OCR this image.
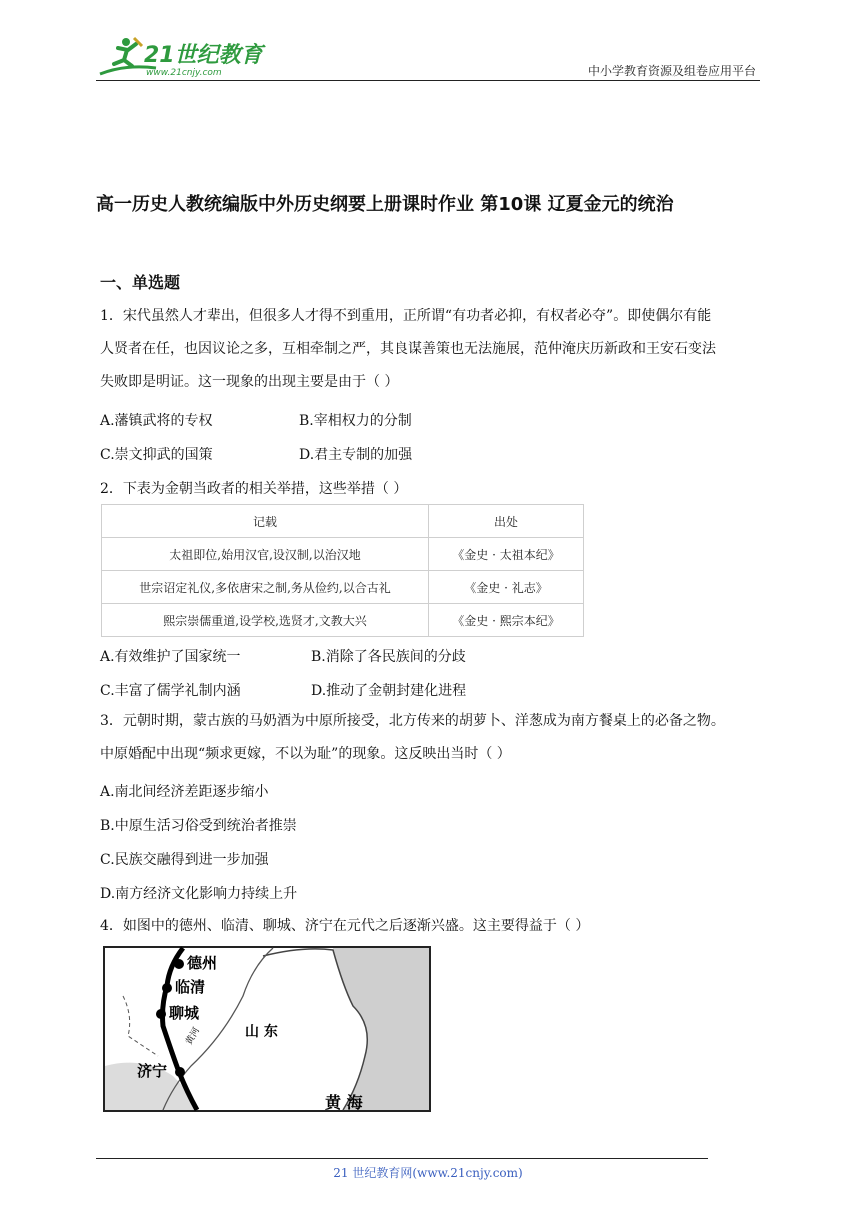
21世纪教育
www.21cnjy.com	中小学教育资源及组卷应用平台
高一历史人教统编版中外历史纲要上册课时作业 第10课 辽夏金元的统治
一、单选题
1．宋代虽然人才辈出，但很多人才得不到重用，正所谓“有功者必抑，有权者必夺”。即使偶尔有能
人贤者在任，也因议论之多，互相牵制之严，其良谋善策也无法施展，范仲淹庆历新政和王安石变法
失败即是明证。这一现象的出现主要是由于（ ）
A.藩镇武将的专权	B.宰相权力的分制
C.崇文抑武的国策	D.君主专制的加强
2．下表为金朝当政者的相关举措，这些举措（ ）
记载	出处
太祖即位,始用汉官,设汉制,以治汉地	《金史 · 太祖本纪》
世宗诏定礼仪,多依唐宋之制,务从俭约,以合古礼	《金史 · 礼志》
熙宗崇儒重道,设学校,选贤才,文教大兴	《金史 · 熙宗本纪》
A.有效维护了国家统一	B.消除了各民族间的分歧
C.丰富了儒学礼制内涵	D.推动了金朝封建化进程
3．元朝时期，蒙古族的马奶酒为中原所接受，北方传来的胡萝卜、洋葱成为南方餐桌上的必备之物。
中原婚配中出现“频求更嫁，不以为耻”的现象。这反映出当时（ ）
A.南北间经济差距逐步缩小
B.中原生活习俗受到统治者推崇
C.民族交融得到进一步加强
D.南方经济文化影响力持续上升
4．如图中的德州、临清、聊城、济宁在元代之后逐渐兴盛。这主要得益于（ ）
德州
临清
聊城
济宁
山 东
黄 海
黄河
21 世纪教育网(www.21cnjy.com)
